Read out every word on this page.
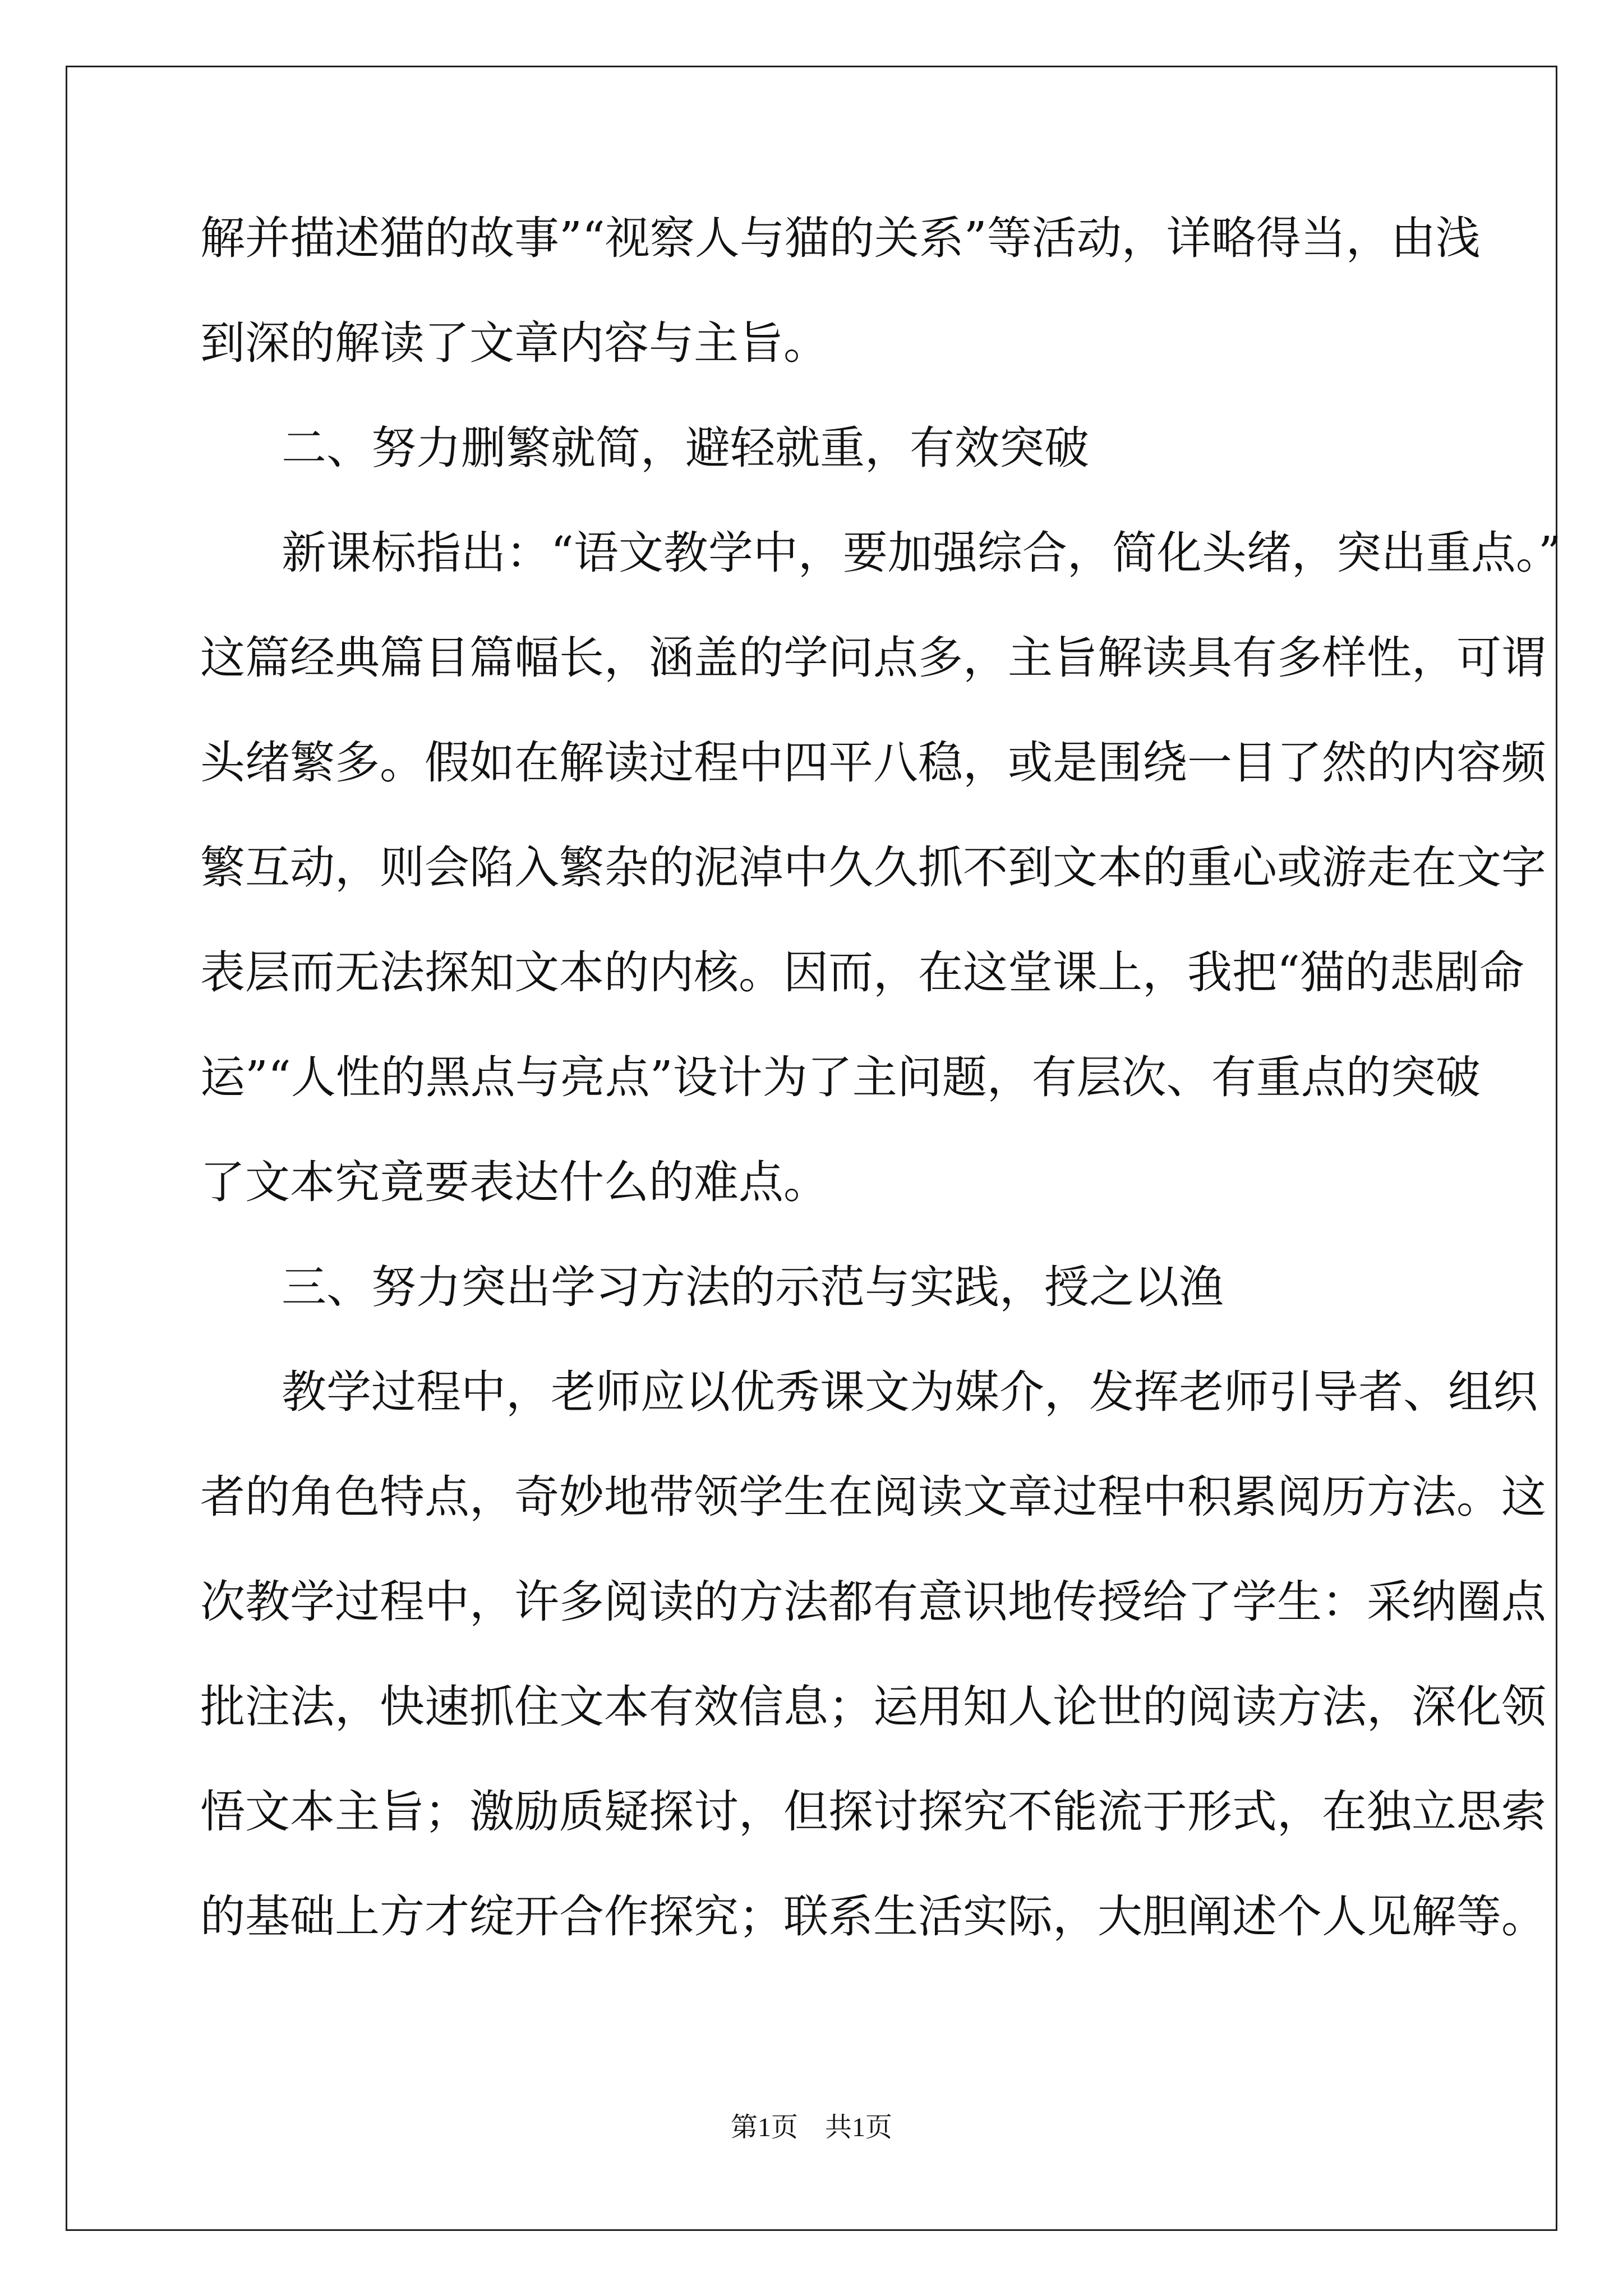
解并描述猫的故事”“视察人与猫的关系”等活动，详略得当，由浅
到深的解读了文章内容与主旨。
二、努力删繁就简，避轻就重，有效突破
新课标指出：“语文教学中，要加强综合，简化头绪，突出重点。”
这篇经典篇目篇幅长，涵盖的学问点多，主旨解读具有多样性，可谓
头绪繁多。假如在解读过程中四平八稳，或是围绕一目了然的内容频
繁互动，则会陷入繁杂的泥淖中久久抓不到文本的重心或游走在文字
表层而无法探知文本的内核。因而，在这堂课上，我把“猫的悲剧命
运”“人性的黑点与亮点”设计为了主问题，有层次、有重点的突破
了文本究竟要表达什么的难点。
三、努力突出学习方法的示范与实践，授之以渔
教学过程中，老师应以优秀课文为媒介，发挥老师引导者、组织
者的角色特点，奇妙地带领学生在阅读文章过程中积累阅历方法。这
次教学过程中，许多阅读的方法都有意识地传授给了学生：采纳圈点
批注法，快速抓住文本有效信息；运用知人论世的阅读方法，深化领
悟文本主旨；激励质疑探讨，但探讨探究不能流于形式，在独立思索
的基础上方才绽开合作探究；联系生活实际，大胆阐述个人见解等。
第1页　共1页
